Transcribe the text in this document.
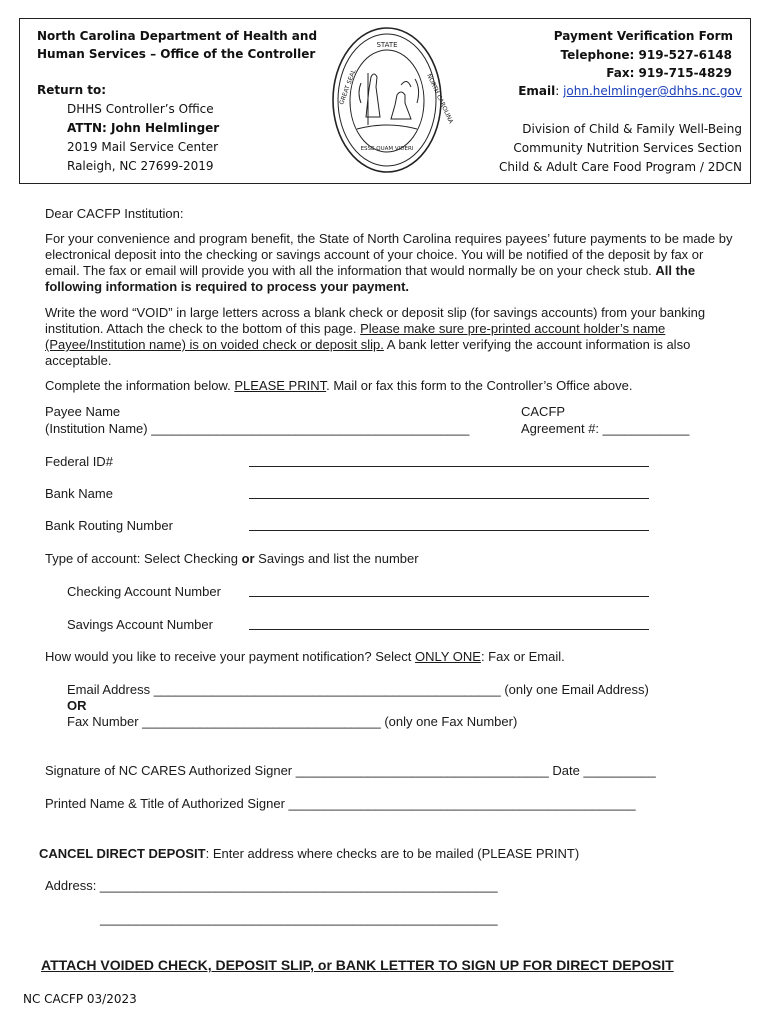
North Carolina Department of Health and
Human Services – Office of the Controller
Return to:
DHHS Controller’s Office
ATTN: John Helmlinger
2019 Mail Service Center
Raleigh, NC 27699-2019
STATE
ESSE QUAM VIDERI
GREAT SEAL	NORTH CAROLINA
Payment Verification Form
Telephone: 919-527-6148
Fax: 919-715-4829
Email: john.helmlinger@dhhs.nc.gov
Division of Child & Family Well-Being
Community Nutrition Services Section
Child & Adult Care Food Program / 2DCN
Dear CACFP Institution:
For your convenience and program benefit, the State of North Carolina requires payees’ future payments to be made by electronical deposit into the checking or savings account of your choice. You will be notified of the deposit by fax or email. The fax or email will provide you with all the information that would normally be on your check stub. All the following information is required to process your payment.
Write the word “VOID” in large letters across a blank check or deposit slip (for savings accounts) from your banking institution. Attach the check to the bottom of this page. Please make sure pre-printed account holder’s name (Payee/Institution name) is on voided check or deposit slip. A bank letter verifying the account information is also acceptable.
Complete the information below. PLEASE PRINT. Mail or fax this form to the Controller’s Office above.
Payee Name
(Institution Name) ____________________________________________
CACFP
Agreement #: ____________
Federal ID#
Bank Name
Bank Routing Number
Type of account: Select Checking or Savings and list the number
Checking Account Number
Savings Account Number
How would you like to receive your payment notification? Select ONLY ONE: Fax or Email.
Email Address ________________________________________________ (only one Email Address)
OR
Fax Number _________________________________ (only one Fax Number)
Signature of NC CARES Authorized Signer ___________________________________ Date __________
Printed Name & Title of Authorized Signer ________________________________________________
CANCEL DIRECT DEPOSIT: Enter address where checks are to be mailed (PLEASE PRINT)
Address: _______________________________________________________
_______________________________________________________
ATTACH VOIDED CHECK, DEPOSIT SLIP, or BANK LETTER TO SIGN UP FOR DIRECT DEPOSIT
NC CACFP 03/2023
